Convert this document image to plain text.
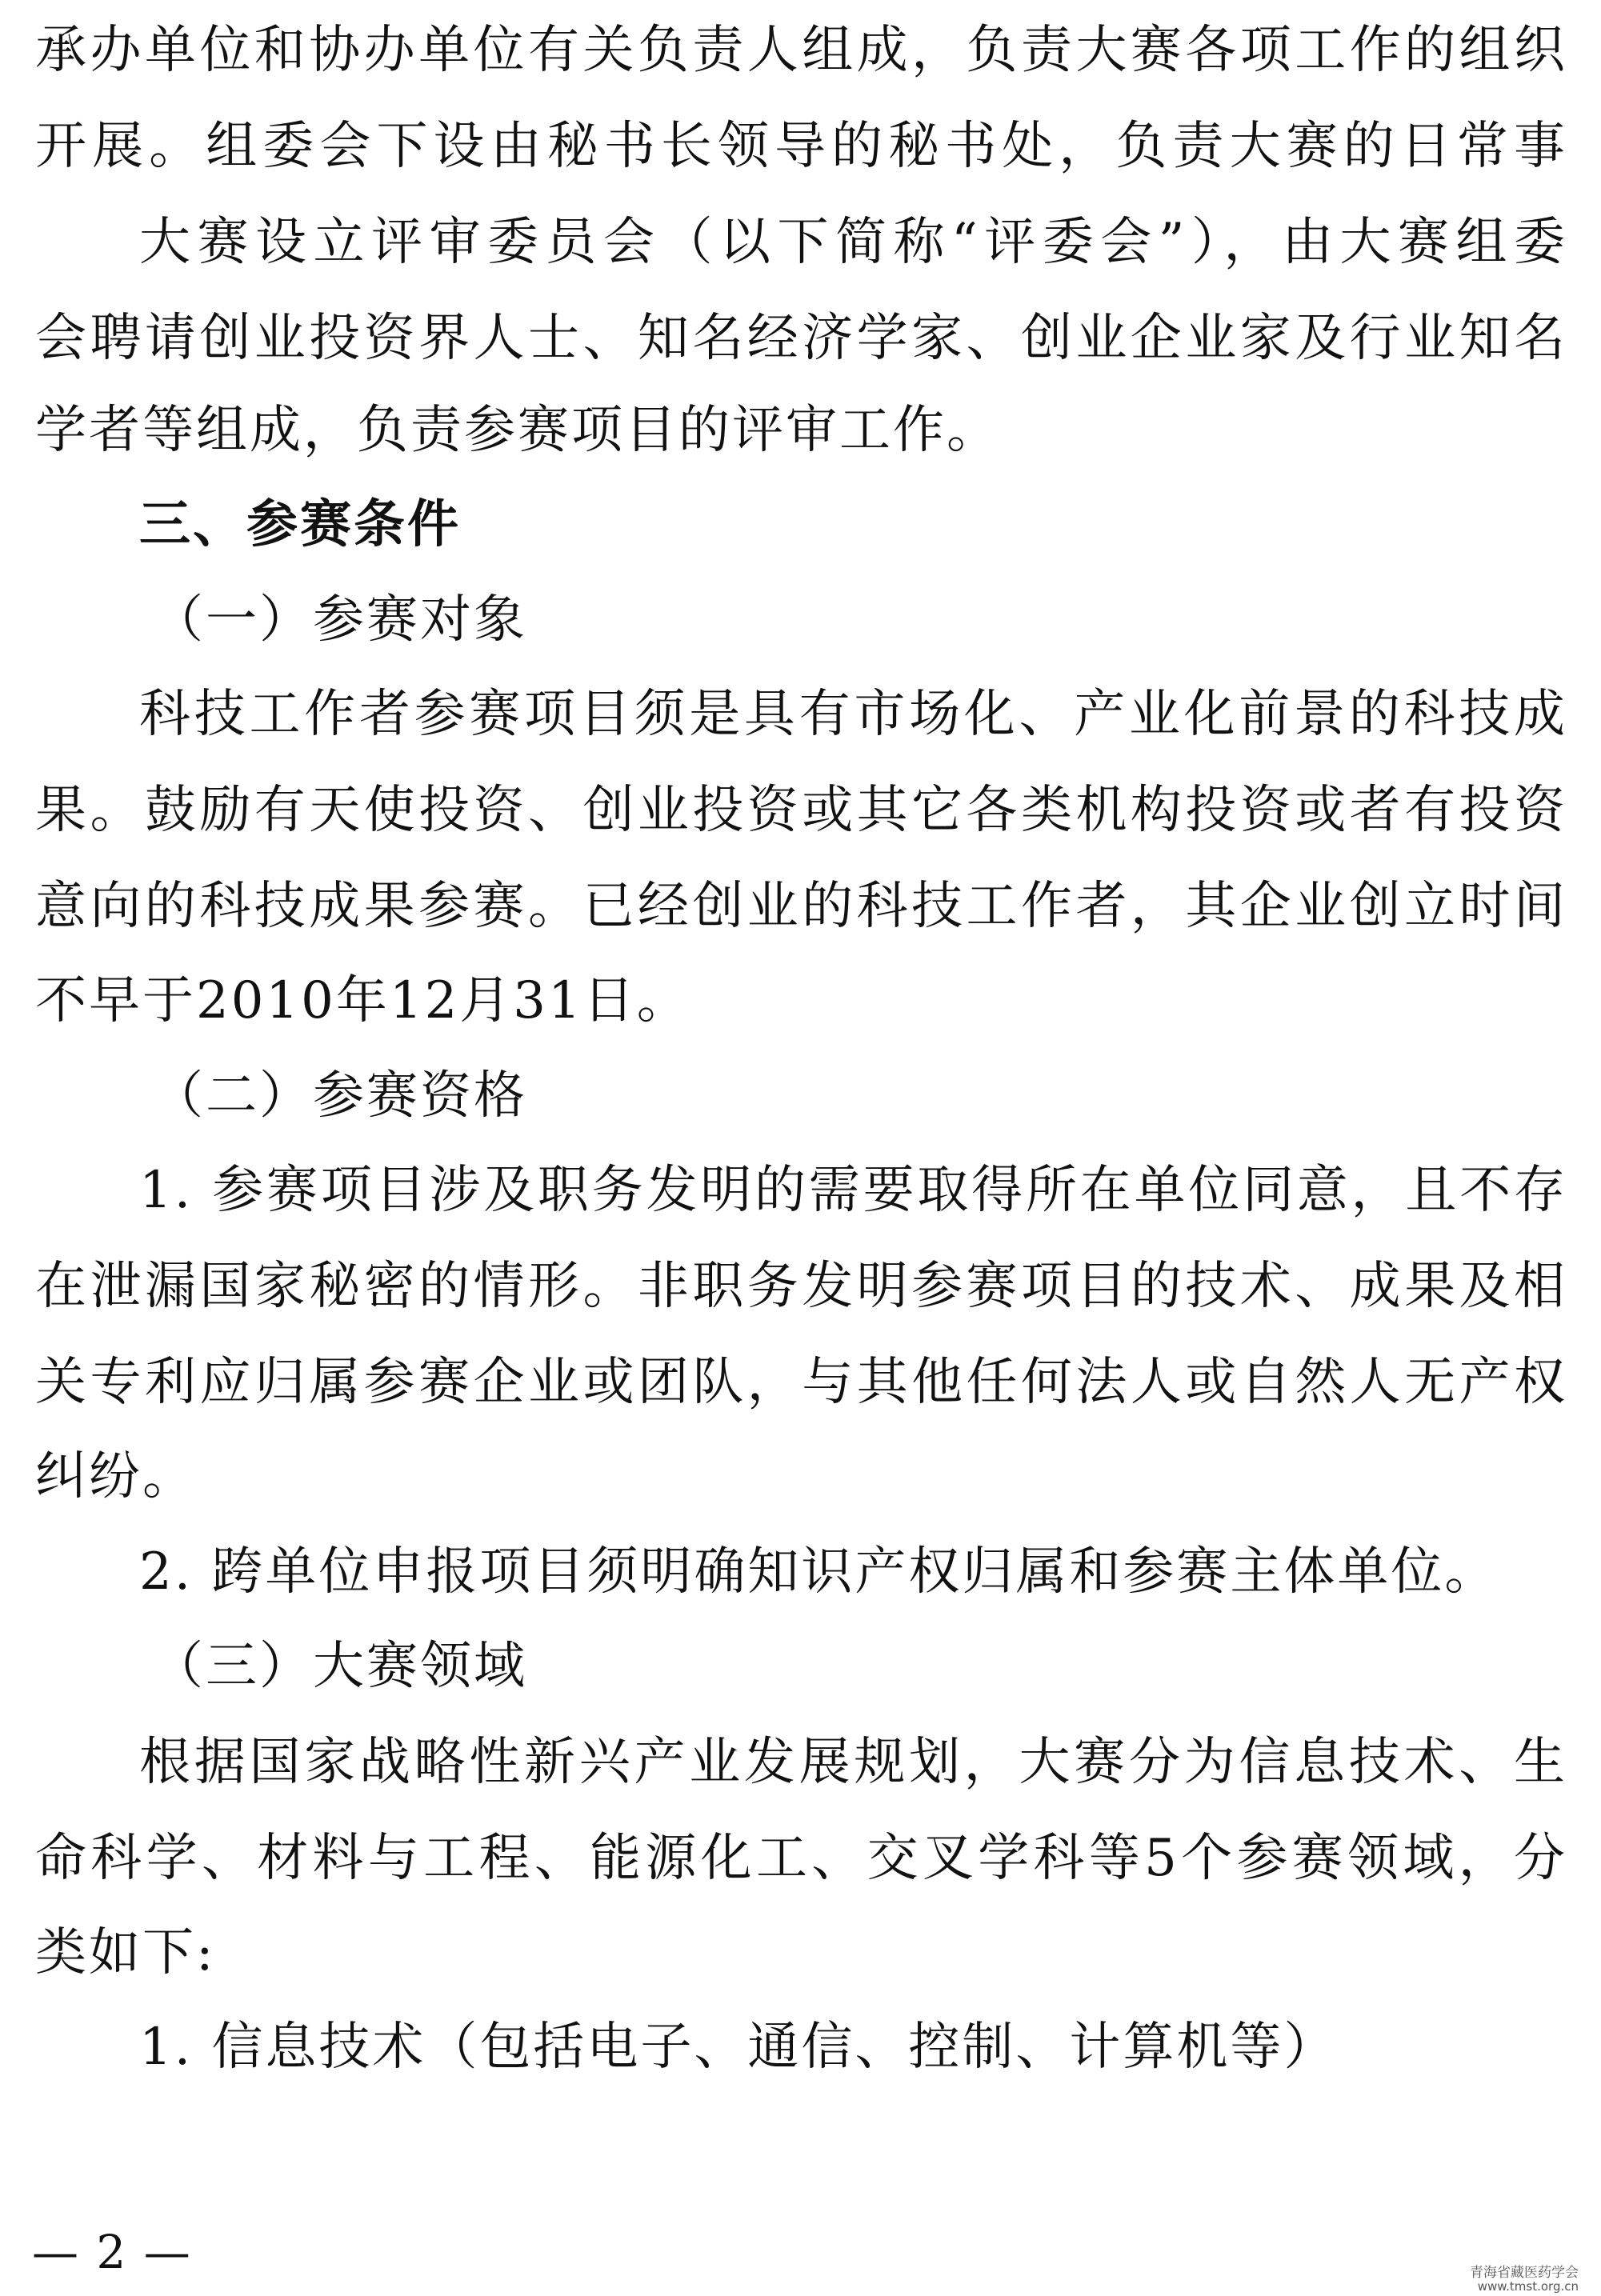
承办单位和协办单位有关负责人组成，负责大赛各项工作的组织
开展。组委会下设由秘书长领导的秘书处，负责大赛的日常事
大赛设立评审委员会（以下简称“评委会”），由大赛组委
会聘请创业投资界人士、知名经济学家、创业企业家及行业知名
学者等组成，负责参赛项目的评审工作。
三、参赛条件
（一）参赛对象
科技工作者参赛项目须是具有市场化、产业化前景的科技成
果。鼓励有天使投资、创业投资或其它各类机构投资或者有投资
意向的科技成果参赛。已经创业的科技工作者，其企业创立时间
不早于2010年12月31日。
（二）参赛资格
1. 参赛项目涉及职务发明的需要取得所在单位同意，且不存
在泄漏国家秘密的情形。非职务发明参赛项目的技术、成果及相
关专利应归属参赛企业或团队，与其他任何法人或自然人无产权
纠纷。
2. 跨单位申报项目须明确知识产权归属和参赛主体单位。
（三）大赛领域
根据国家战略性新兴产业发展规划，大赛分为信息技术、生
命科学、材料与工程、能源化工、交叉学科等5个参赛领域，分
类如下:
1. 信息技术（包括电子、通信、控制、计算机等）
— 2 —	青海省藏医药学会
www.tmst.org.cn
